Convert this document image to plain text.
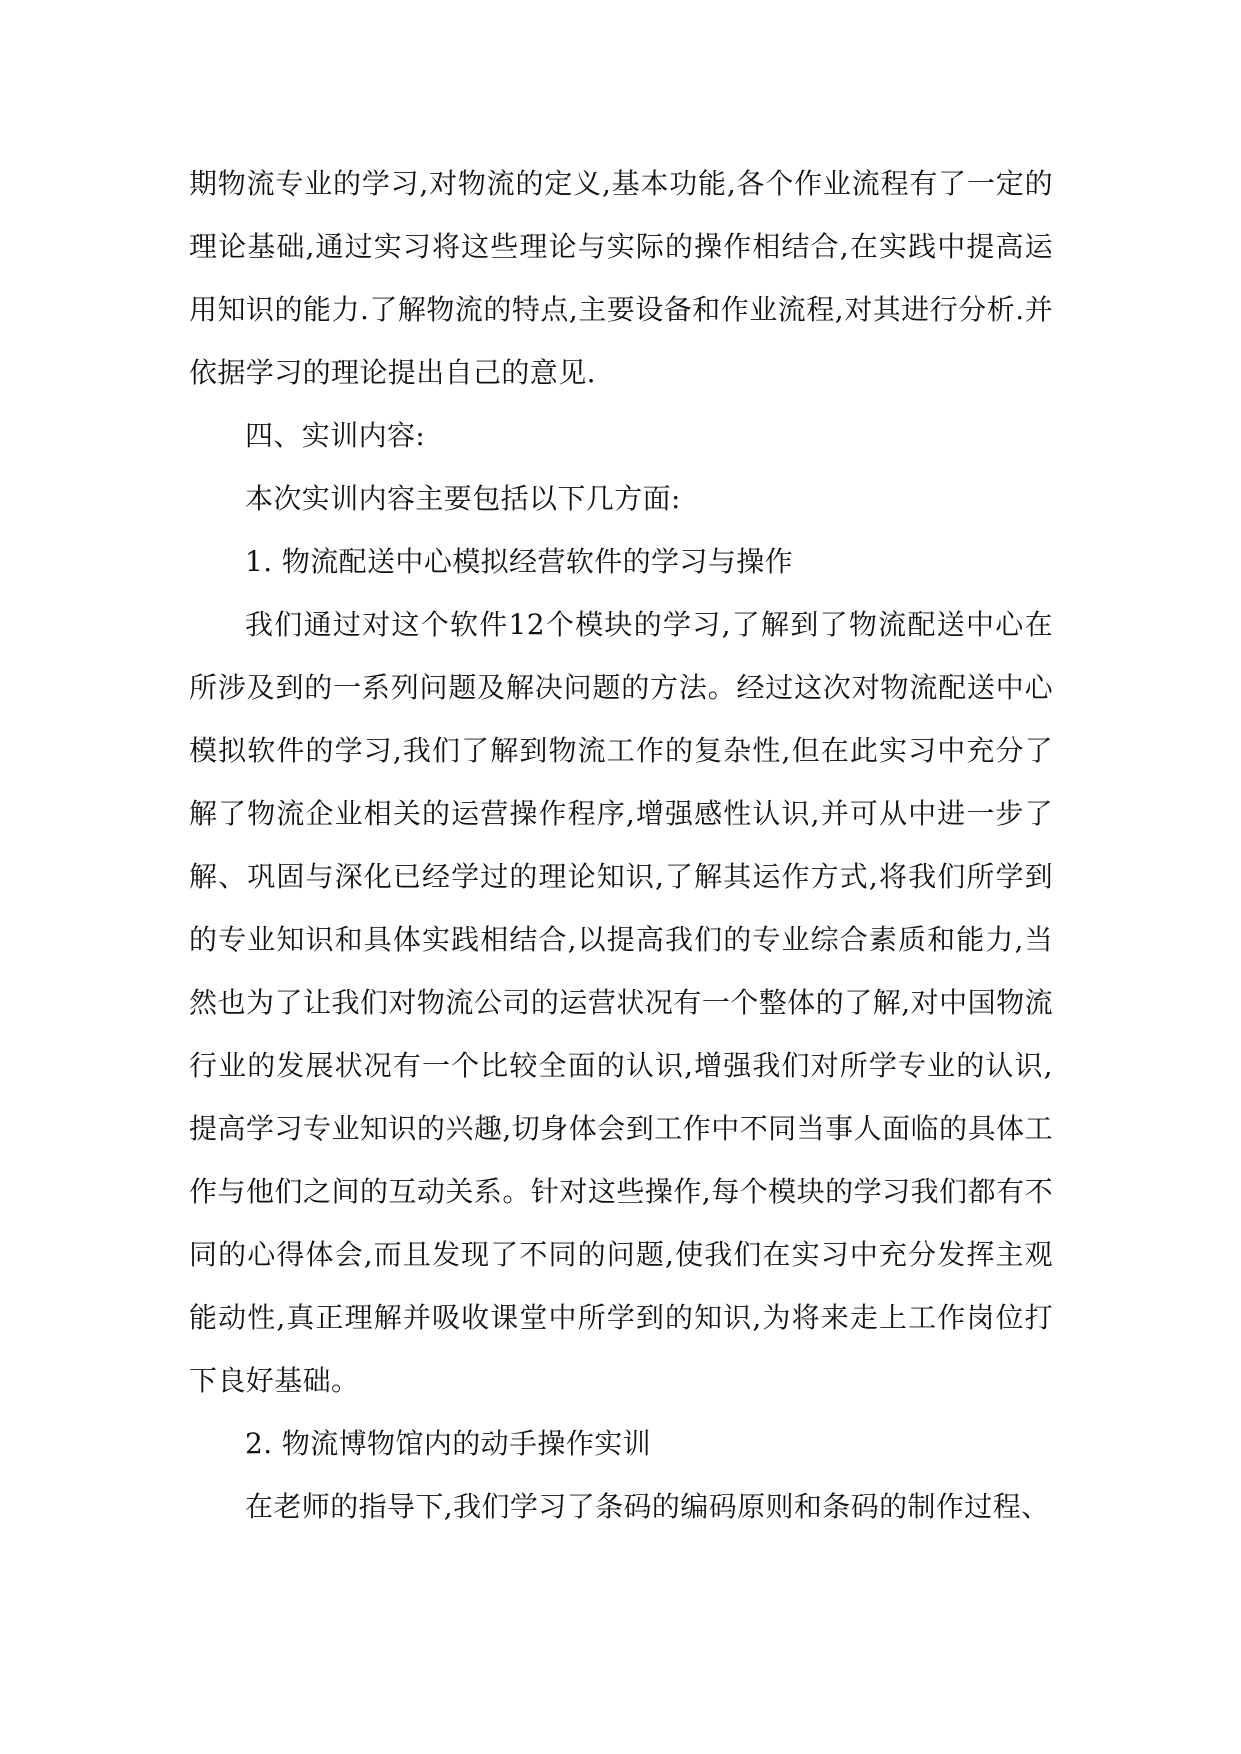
期物流专业的学习,对物流的定义,基本功能,各个作业流程有了一定的理论基础,通过实习将这些理论与实际的操作相结合,在实践中提高运用知识的能力.了解物流的特点,主要设备和作业流程,对其进行分析.并依据学习的理论提出自己的意见.

四、实训内容:

本次实训内容主要包括以下几方面:

1. 物流配送中心模拟经营软件的学习与操作

我们通过对这个软件12个模块的学习,了解到了物流配送中心在所涉及到的一系列问题及解决问题的方法。经过这次对物流配送中心模拟软件的学习,我们了解到物流工作的复杂性,但在此实习中充分了解了物流企业相关的运营操作程序,增强感性认识,并可从中进一步了解、巩固与深化已经学过的理论知识,了解其运作方式,将我们所学到的专业知识和具体实践相结合,以提高我们的专业综合素质和能力,当然也为了让我们对物流公司的运营状况有一个整体的了解,对中国物流行业的发展状况有一个比较全面的认识,增强我们对所学专业的认识,提高学习专业知识的兴趣,切身体会到工作中不同当事人面临的具体工作与他们之间的互动关系。针对这些操作,每个模块的学习我们都有不同的心得体会,而且发现了不同的问题,使我们在实习中充分发挥主观能动性,真正理解并吸收课堂中所学到的知识,为将来走上工作岗位打下良好基础。

2. 物流博物馆内的动手操作实训

在老师的指导下,我们学习了条码的编码原则和条码的制作过程、
